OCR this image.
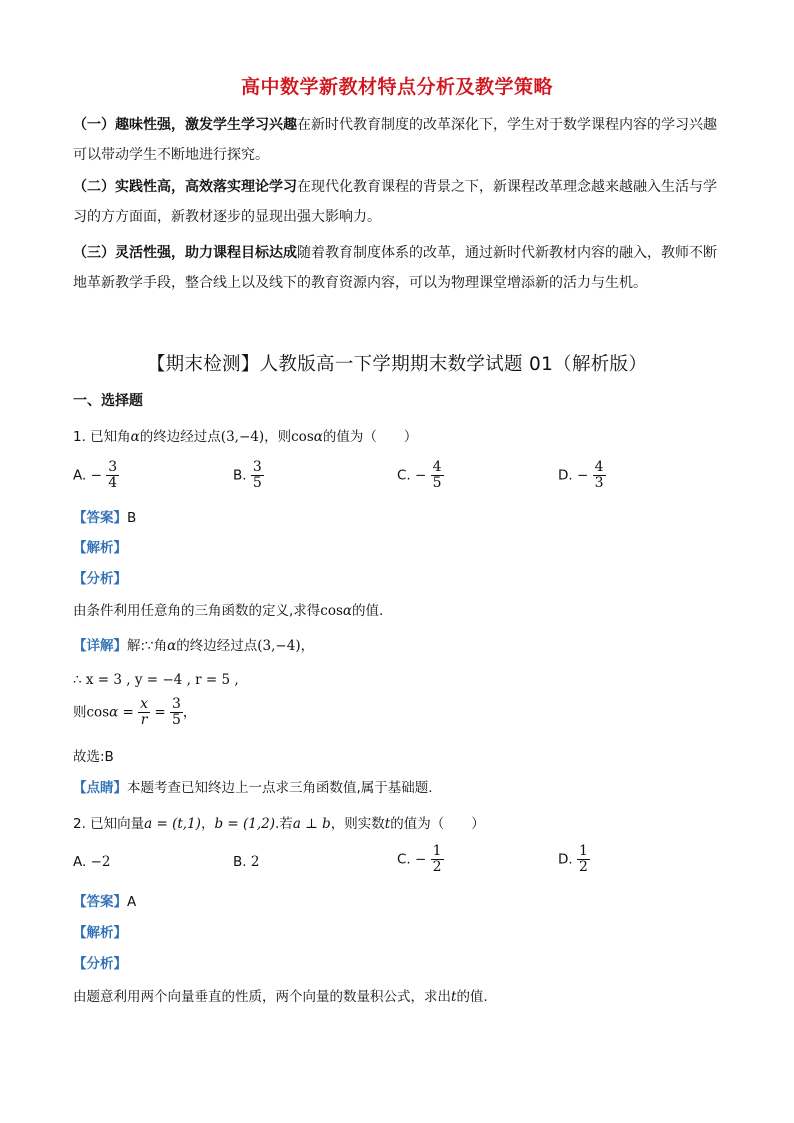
高中数学新教材特点分析及教学策略
（一）趣味性强，激发学生学习兴趣在新时代教育制度的改革深化下，学生对于数学课程内容的学习兴趣可以带动学生不断地进行探究。
（二）实践性高，高效落实理论学习在现代化教育课程的背景之下，新课程改革理念越来越融入生活与学习的方方面面，新教材逐步的显现出强大影响力。
（三）灵活性强，助力课程目标达成随着教育制度体系的改革，通过新时代新教材内容的融入，教师不断地革新教学手段，整合线上以及线下的教育资源内容，可以为物理课堂增添新的活力与生机。
【期末检测】人教版高一下学期期末数学试题 01（解析版）
一、选择题
1. 已知角α的终边经过点(3,−4)，则cosα的值为（　　）
A. − $\frac{3}{4}$	B. $\frac{3}{5}$	C. − $\frac{4}{5}$	D. − $\frac{4}{3}$
【答案】B
【解析】
【分析】
由条件利用任意角的三角函数的定义,求得cosα的值.
【详解】解:∵角α的终边经过点(3,−4)，
∴ x = 3 , y = −4 , r = 5 ,
则$\cos\alpha = \frac{x}{r} = \frac{3}{5}$ ，
故选:B
【点睛】本题考查已知终边上一点求三角函数值,属于基础题.
2. 已知向量a = (t,1)，b = (1,2).若a ⊥ b，则实数t的值为（　　）
A. −2	B. 2	C. − $\frac{1}{2}$	D. $\frac{1}{2}$
【答案】A
【解析】
【分析】
由题意利用两个向量垂直的性质，两个向量的数量积公式，求出t的值.
